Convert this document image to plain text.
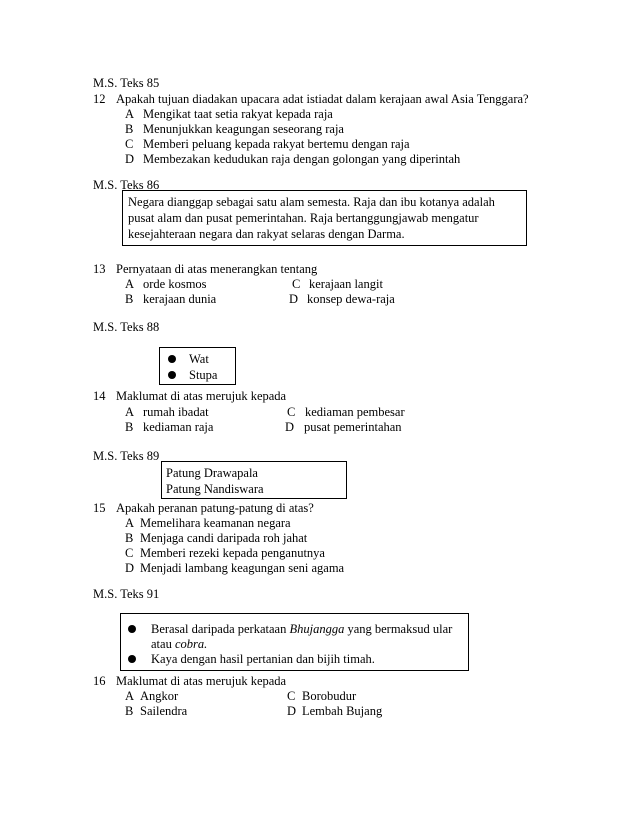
M.S. Teks 85
12 Apakah tujuan diadakan upacara adat istiadat dalam kerajaan awal Asia Tenggara?
A Mengikat taat setia rakyat kepada raja
B Menunjukkan keagungan seseorang raja
C Memberi peluang kepada rakyat bertemu dengan raja
D Membezakan kedudukan raja dengan golongan yang diperintah
M.S. Teks 86
Negara dianggap sebagai satu alam semesta. Raja dan ibu kotanya adalah
pusat alam dan pusat pemerintahan. Raja bertanggungjawab mengatur
kesejahteraan negara dan rakyat selaras dengan Darma.
13 Pernyataan di atas menerangkan tentang
A orde kosmos	C kerajaan langit
B kerajaan dunia	D konsep dewa-raja
M.S. Teks 88
Wat
Stupa
14 Maklumat di atas merujuk kepada
A rumah ibadat	C kediaman pembesar
B kediaman raja	D pusat pemerintahan
M.S. Teks 89
Patung Drawapala
Patung Nandiswara
15 Apakah peranan patung-patung di atas?
A Memelihara keamanan negara
B Menjaga candi daripada roh jahat
C Memberi rezeki kepada penganutnya
D Menjadi lambang keagungan seni agama
M.S. Teks 91
Berasal daripada perkataan Bhujangga yang bermaksud ular
atau cobra.
Kaya dengan hasil pertanian dan bijih timah.
16 Maklumat di atas merujuk kepada
A Angkor	C Borobudur
B Sailendra	D Lembah Bujang
